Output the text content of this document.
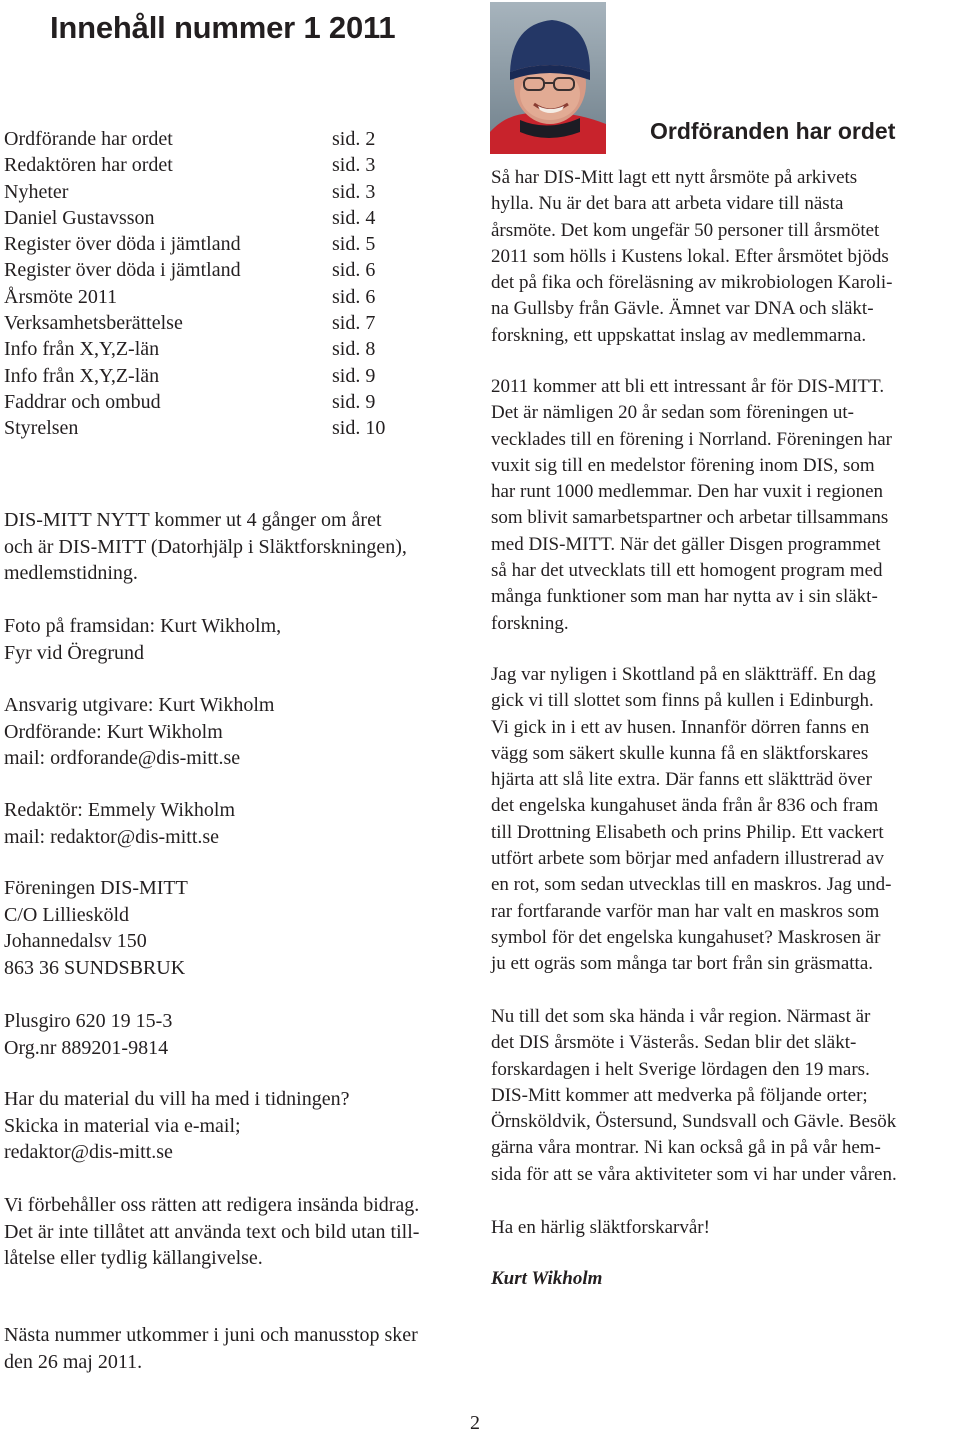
Innehåll nummer 1 2011
Ordförande har ordet	sid. 2
Redaktören har ordet	sid. 3
Nyheter	sid. 3
Daniel Gustavsson	sid. 4
Register över döda i jämtland	sid. 5
Register över döda i jämtland	sid. 6
Årsmöte 2011	sid. 6
Verksamhetsberättelse	sid. 7
Info från X,Y,Z-län	sid. 8
Info från X,Y,Z-län	sid. 9
Faddrar och ombud	sid. 9
Styrelsen	sid. 10

DIS-MITT NYTT kommer ut 4 gånger om året
och är DIS-MITT (Datorhjälp i Släktforskningen),
medlemstidning.

Foto på framsidan: Kurt Wikholm,
Fyr vid Öregrund

Ansvarig utgivare: Kurt Wikholm
Ordförande: Kurt Wikholm
mail: ordforande@dis-mitt.se

Redaktör: Emmely Wikholm
mail: redaktor@dis-mitt.se

Föreningen DIS-MITT
C/O Lilliesköld
Johannedalsv 150
863 36 SUNDSBRUK

Plusgiro 620 19 15-3
Org.nr 889201-9814

Har du material du vill ha med i tidningen?
Skicka in material via e-mail;
redaktor@dis-mitt.se

Vi förbehåller oss rätten att redigera insända bidrag.
Det är inte tillåtet att använda text och bild utan till-
låtelse eller tydlig källangivelse.

Nästa nummer utkommer i juni och manusstop sker
den 26 maj 2011.

2
Ordföranden har ordet

Så har DIS-Mitt lagt ett nytt årsmöte på arkivets
hylla. Nu är det bara att arbeta vidare till nästa
årsmöte. Det kom ungefär 50 personer till årsmötet
2011 som hölls i Kustens lokal. Efter årsmötet bjöds
det på fika och föreläsning av mikrobiologen Karoli-
na Gullsby från Gävle. Ämnet var DNA och släkt-
forskning, ett uppskattat inslag av medlemmarna.

2011 kommer att bli ett intressant år för DIS-MITT.
Det är nämligen 20 år sedan som föreningen ut-
vecklades till en förening i Norrland. Föreningen har
vuxit sig till en medelstor förening inom DIS, som
har runt 1000 medlemmar. Den har vuxit i regionen
som blivit samarbetspartner och arbetar tillsammans
med DIS-MITT. När det gäller Disgen programmet
så har det utvecklats till ett homogent program med
många funktioner som man har nytta av i sin släkt-
forskning.

Jag var nyligen i Skottland på en släktträff. En dag
gick vi till slottet som finns på kullen i Edinburgh.
Vi gick in i ett av husen. Innanför dörren fanns en
vägg som säkert skulle kunna få en släktforskares
hjärta att slå lite extra. Där fanns ett släktträd över
det engelska kungahuset ända från år 836 och fram
till Drottning Elisabeth och prins Philip. Ett vackert
utfört arbete som börjar med anfadern illustrerad av
en rot, som sedan utvecklas till en maskros. Jag und-
rar fortfarande varför man har valt en maskros som
symbol för det engelska kungahuset? Maskrosen är
ju ett ogräs som många tar bort från sin gräsmatta.

Nu till det som ska hända i vår region. Närmast är
det DIS årsmöte i Västerås. Sedan blir det släkt-
forskardagen i helt Sverige lördagen den 19 mars.
DIS-Mitt kommer att medverka på följande orter;
Örnsköldvik, Östersund, Sundsvall och Gävle. Besök
gärna våra montrar. Ni kan också gå in på vår hem-
sida för att se våra aktiviteter som vi har under våren.

Ha en härlig släktforskarvår!

Kurt Wikholm
